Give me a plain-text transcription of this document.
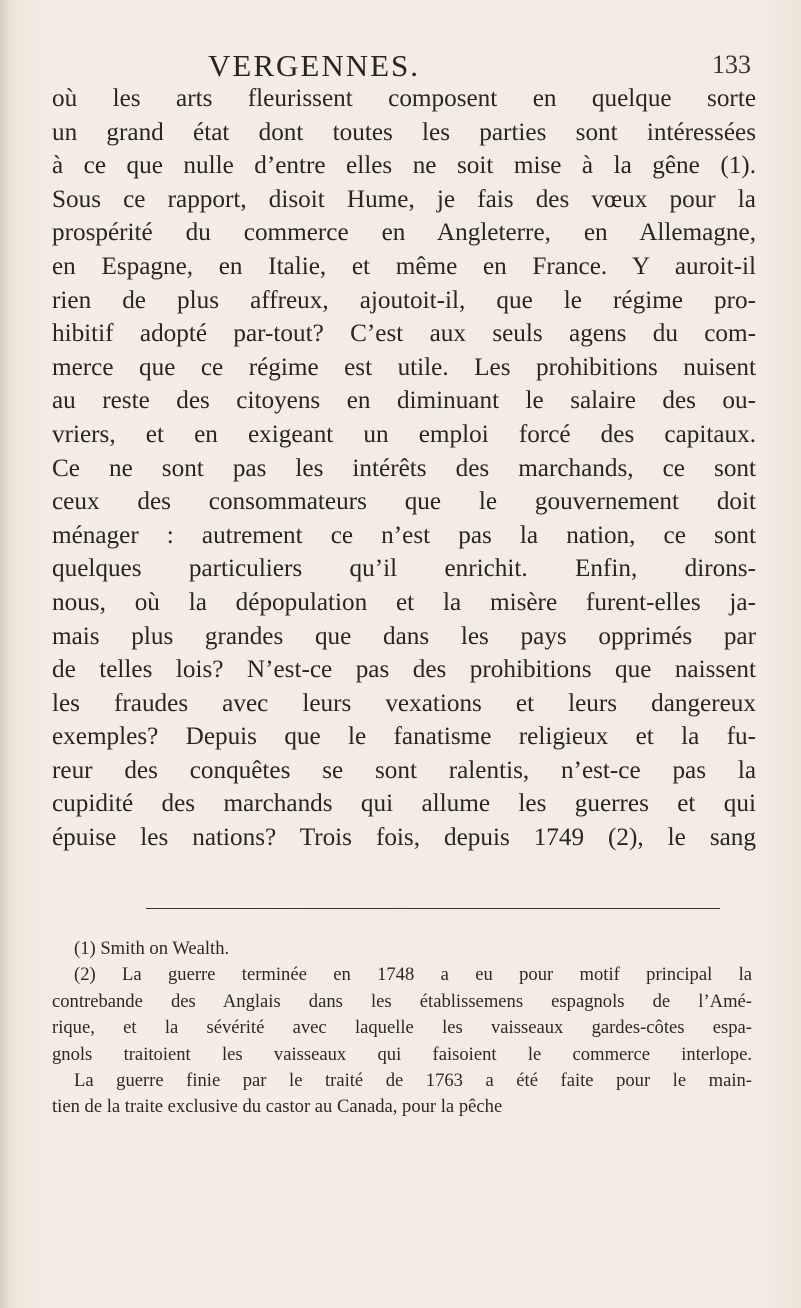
VERGENNES.	133
où les arts fleurissent composent en quelque sorte
un grand état dont toutes les parties sont intéressées
à ce que nulle d’entre elles ne soit mise à la gêne (1).
Sous ce rapport, disoit Hume, je fais des vœux pour la
prospérité du commerce en Angleterre, en Allemagne,
en Espagne, en Italie, et même en France. Y auroit-il
rien de plus affreux, ajoutoit-il, que le régime pro-
hibitif adopté par-tout? C’est aux seuls agens du com-
merce que ce régime est utile. Les prohibitions nuisent
au reste des citoyens en diminuant le salaire des ou-
vriers, et en exigeant un emploi forcé des capitaux.
Ce ne sont pas les intérêts des marchands, ce sont
ceux des consommateurs que le gouvernement doit
ménager : autrement ce n’est pas la nation, ce sont
quelques particuliers qu’il enrichit. Enfin, dirons-
nous, où la dépopulation et la misère furent-elles ja-
mais plus grandes que dans les pays opprimés par
de telles lois? N’est-ce pas des prohibitions que naissent
les fraudes avec leurs vexations et leurs dangereux
exemples? Depuis que le fanatisme religieux et la fu-
reur des conquêtes se sont ralentis, n’est-ce pas la
cupidité des marchands qui allume les guerres et qui
épuise les nations? Trois fois, depuis 1749 (2), le sang
(1) Smith on Wealth.
(2) La guerre terminée en 1748 a eu pour motif principal la
contrebande des Anglais dans les établissemens espagnols de l’Amé-
rique, et la sévérité avec laquelle les vaisseaux gardes-côtes espa-
gnols traitoient les vaisseaux qui faisoient le commerce interlope.
La guerre finie par le traité de 1763 a été faite pour le main-
tien de la traite exclusive du castor au Canada, pour la pêche
